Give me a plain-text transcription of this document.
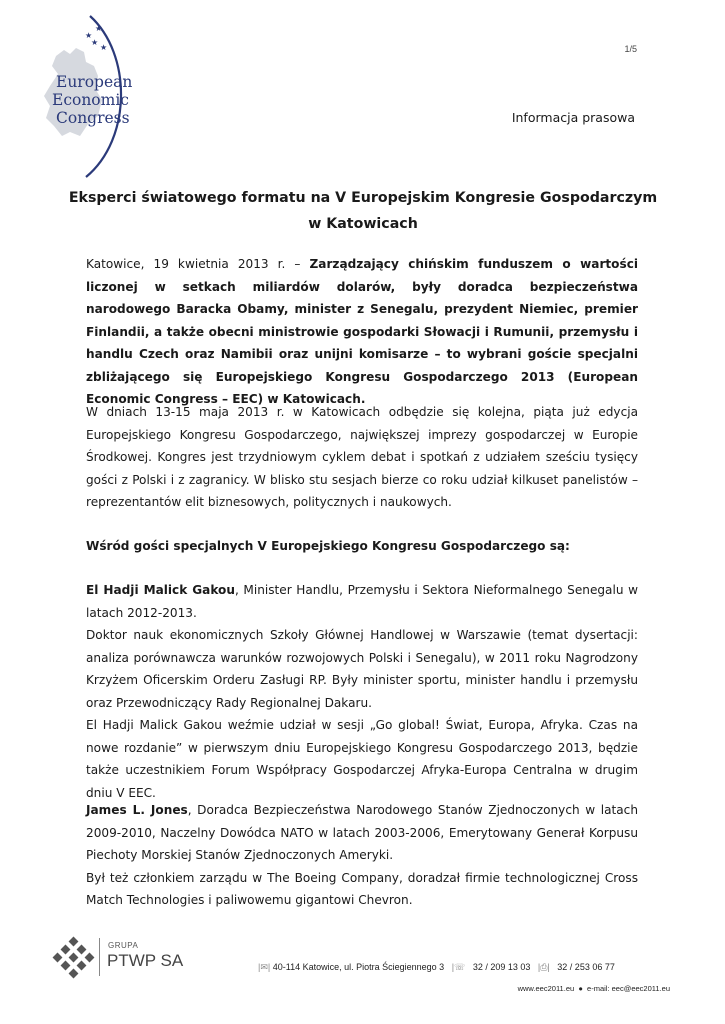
★
★
★
★
European
Economic
Congress
1/5
Informacja prasowa
Eksperci światowego formatu na V Europejskim Kongresie Gospodarczym
w Katowicach

Katowice, 19 kwietnia 2013 r. – Zarządzający chińskim funduszem o wartości liczonej w setkach miliardów dolarów, były doradca bezpieczeństwa narodowego Baracka Obamy, minister z Senegalu, prezydent Niemiec, premier Finlandii, a także obecni ministrowie gospodarki Słowacji i Rumunii, przemysłu i handlu Czech oraz Namibii oraz unijni komisarze – to wybrani goście specjalni zbliżającego się Europejskiego Kongresu Gospodarczego 2013 (European Economic Congress – EEC) w Katowicach.

W dniach 13-15 maja 2013 r. w Katowicach odbędzie się kolejna, piąta już edycja Europejskiego Kongresu Gospodarczego, największej imprezy gospodarczej w Europie Środkowej. Kongres jest trzydniowym cyklem debat i spotkań z udziałem sześciu tysięcy gości z Polski i z zagranicy. W blisko stu sesjach bierze co roku udział kilkuset panelistów – reprezentantów elit biznesowych, politycznych i naukowych.

Wśród gości specjalnych V Europejskiego Kongresu Gospodarczego są:

El Hadji Malick Gakou, Minister Handlu, Przemysłu i Sektora Nieformalnego Senegalu w latach 2012-2013.
Doktor nauk ekonomicznych Szkoły Głównej Handlowej w Warszawie (temat dysertacji: analiza porównawcza warunków rozwojowych Polski i Senegalu), w 2011 roku Nagrodzony Krzyżem Oficerskim Orderu Zasługi RP. Były minister sportu, minister handlu i przemysłu oraz Przewodniczący Rady Regionalnej Dakaru.
El Hadji Malick Gakou weźmie udział w sesji „Go global! Świat, Europa, Afryka. Czas na nowe rozdanie” w pierwszym dniu Europejskiego Kongresu Gospodarczego 2013, będzie także uczestnikiem Forum Współpracy Gospodarczej Afryka-Europa Centralna w drugim dniu V EEC.

James L. Jones, Doradca Bezpieczeństwa Narodowego Stanów Zjednoczonych w latach 2009-2010, Naczelny Dowódca NATO w latach 2003-2006, Emerytowany Generał Korpusu Piechoty Morskiej Stanów Zjednoczonych Ameryki.
Był też członkiem zarządu w The Boeing Company, doradzał firmie technologicznej Cross Match Technologies i paliwowemu gigantowi Chevron.

GRUPA
PTWP SA	|✉| 40-114 Katowice, ul. Piotra Ściegiennego 3 |☏ 32 / 209 13 03 |⎙| 32 / 253 06 77
www.eec2011.eu ● e-mail: eec@eec2011.eu
